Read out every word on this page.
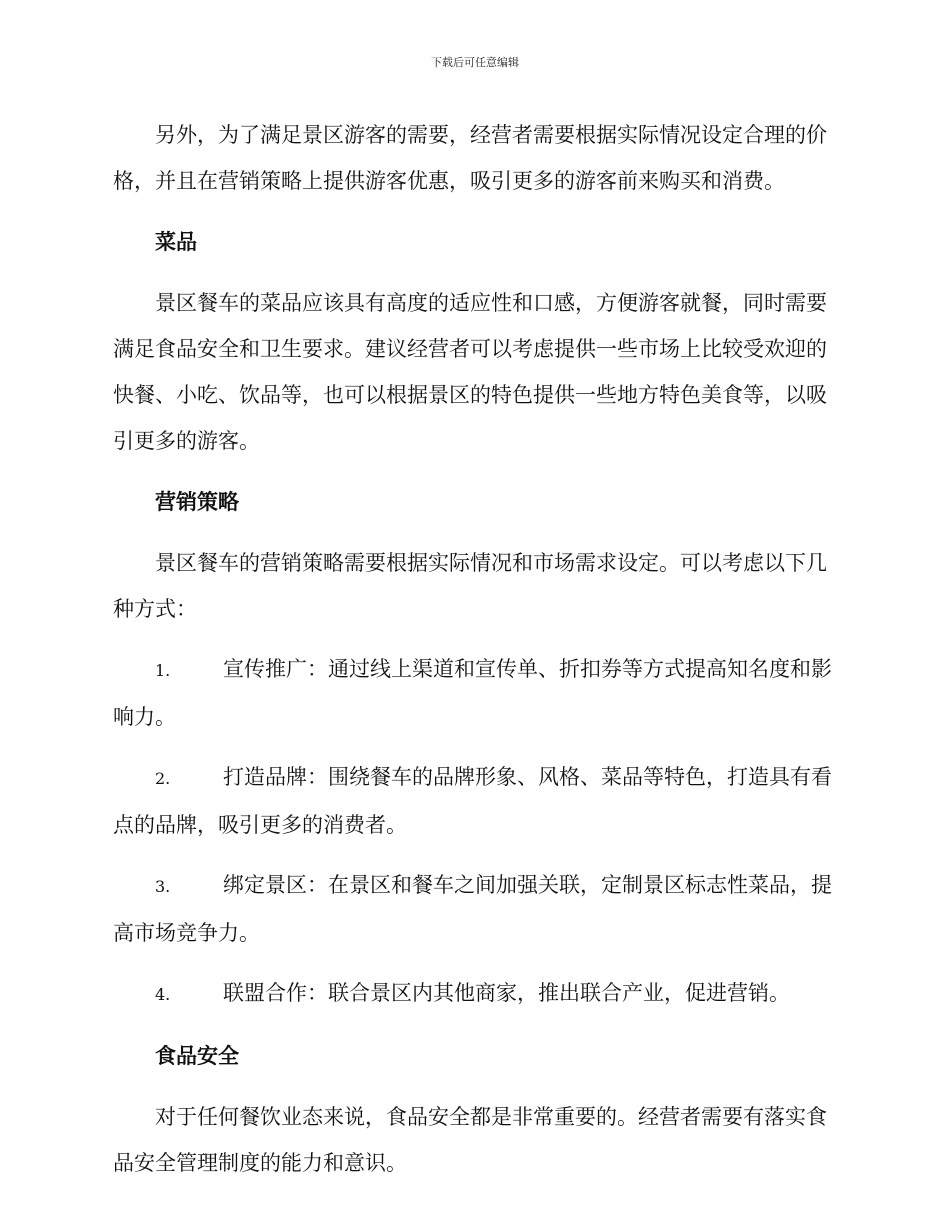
下载后可任意编辑

另外，为了满足景区游客的需要，经营者需要根据实际情况设定合理的价格，并且在营销策略上提供游客优惠，吸引更多的游客前来购买和消费。

菜品

景区餐车的菜品应该具有高度的适应性和口感，方便游客就餐，同时需要满足食品安全和卫生要求。建议经营者可以考虑提供一些市场上比较受欢迎的快餐、小吃、饮品等，也可以根据景区的特色提供一些地方特色美食等，以吸引更多的游客。

营销策略

景区餐车的营销策略需要根据实际情况和市场需求设定。可以考虑以下几种方式：

1.	宣传推广：通过线上渠道和宣传单、折扣券等方式提高知名度和影响力。

2.	打造品牌：围绕餐车的品牌形象、风格、菜品等特色，打造具有看点的品牌，吸引更多的消费者。

3.	绑定景区：在景区和餐车之间加强关联，定制景区标志性菜品，提高市场竞争力。

4.	联盟合作：联合景区内其他商家，推出联合产业，促进营销。

食品安全

对于任何餐饮业态来说，食品安全都是非常重要的。经营者需要有落实食品安全管理制度的能力和意识。
